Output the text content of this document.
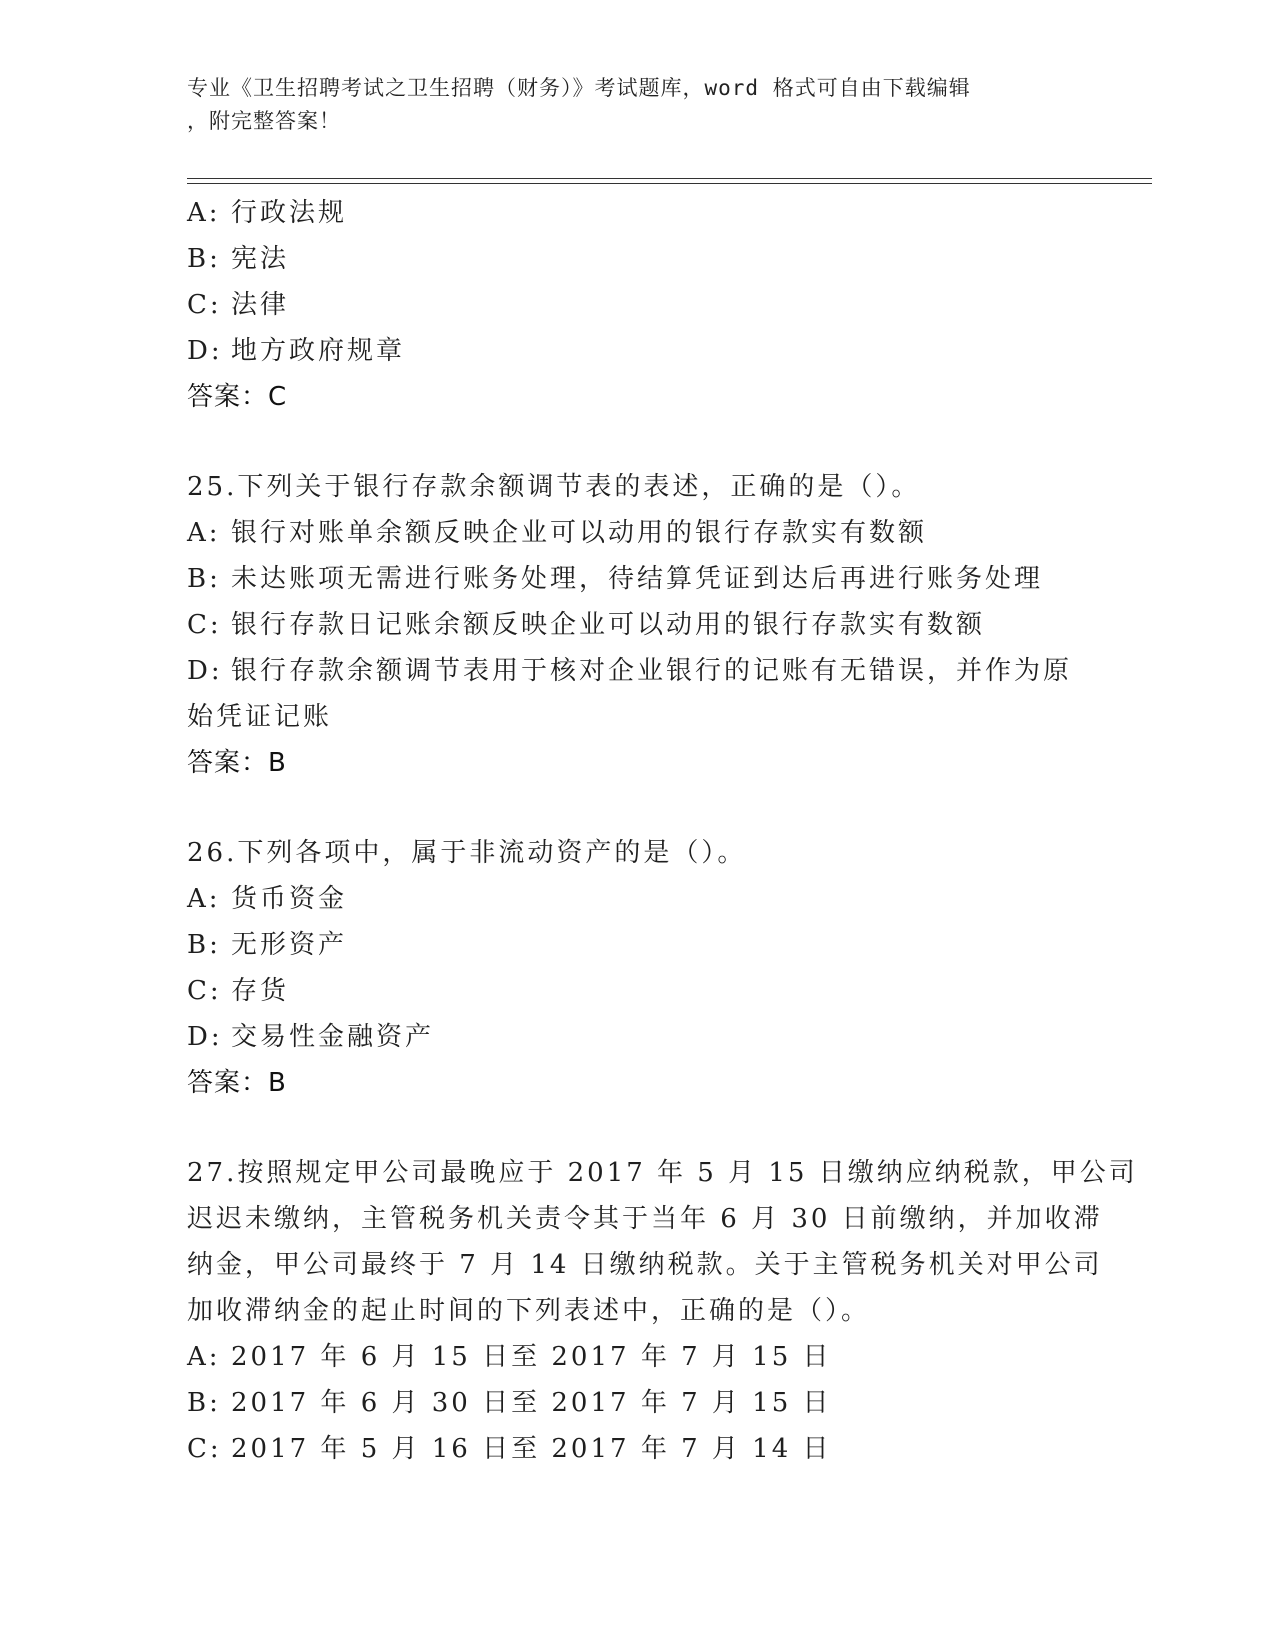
专业《卫生招聘考试之卫生招聘（财务）》考试题库，word 格式可自由下载编辑
，附完整答案！
A: 行政法规
B: 宪法
C: 法律
D: 地方政府规章
答案：C
25.下列关于银行存款余额调节表的表述，正确的是（）。
A: 银行对账单余额反映企业可以动用的银行存款实有数额
B: 未达账项无需进行账务处理，待结算凭证到达后再进行账务处理
C: 银行存款日记账余额反映企业可以动用的银行存款实有数额
D: 银行存款余额调节表用于核对企业银行的记账有无错误，并作为原
始凭证记账
答案：B
26.下列各项中，属于非流动资产的是（）。
A: 货币资金
B: 无形资产
C: 存货
D: 交易性金融资产
答案：B
27.按照规定甲公司最晚应于 2017 年 5 月 15 日缴纳应纳税款，甲公司
迟迟未缴纳，主管税务机关责令其于当年 6 月 30 日前缴纳，并加收滞
纳金，甲公司最终于 7 月 14 日缴纳税款。关于主管税务机关对甲公司
加收滞纳金的起止时间的下列表述中，正确的是（）。
A: 2017 年 6 月 15 日至 2017 年 7 月 15 日
B: 2017 年 6 月 30 日至 2017 年 7 月 15 日
C: 2017 年 5 月 16 日至 2017 年 7 月 14 日
